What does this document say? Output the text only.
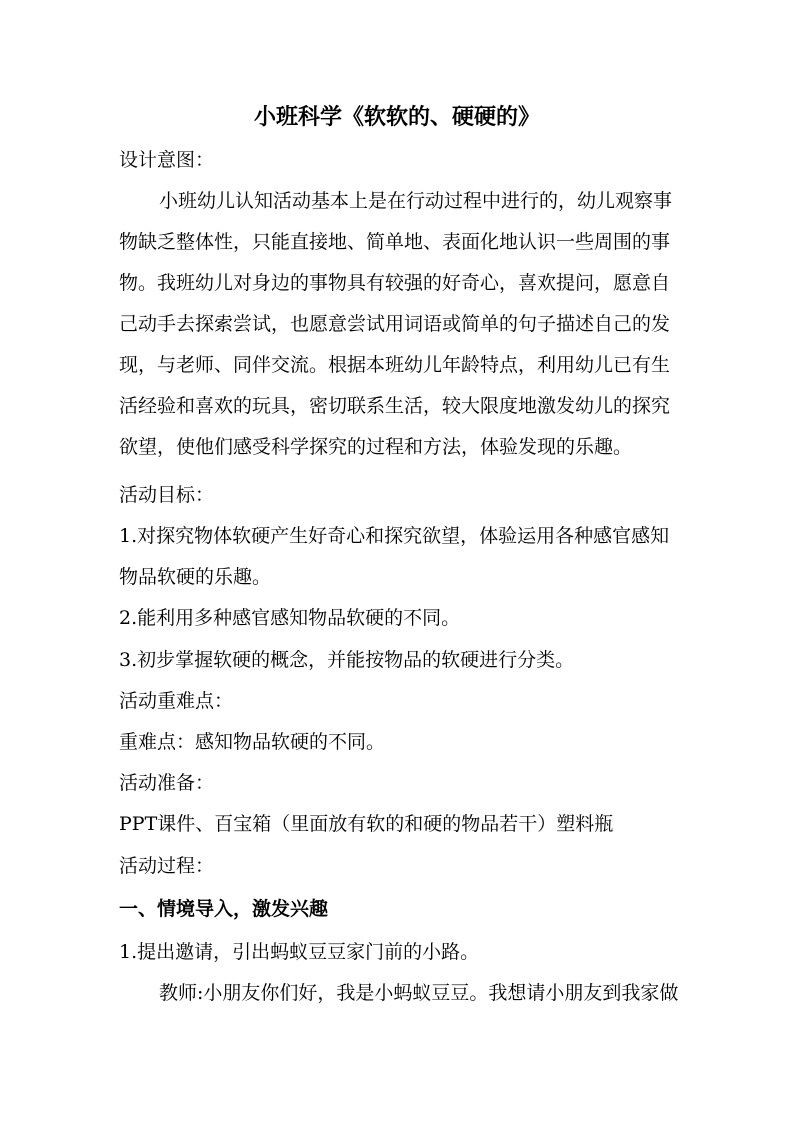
小班科学《软软的、硬硬的》
设计意图：
小班幼儿认知活动基本上是在行动过程中进行的，幼儿观察事
物缺乏整体性，只能直接地、简单地、表面化地认识一些周围的事
物。我班幼儿对身边的事物具有较强的好奇心，喜欢提问，愿意自
己动手去探索尝试，也愿意尝试用词语或简单的句子描述自己的发
现，与老师、同伴交流。根据本班幼儿年龄特点，利用幼儿已有生
活经验和喜欢的玩具，密切联系生活，较大限度地激发幼儿的探究
欲望，使他们感受科学探究的过程和方法，体验发现的乐趣。
活动目标：
1.对探究物体软硬产生好奇心和探究欲望，体验运用各种感官感知
物品软硬的乐趣。
2.能利用多种感官感知物品软硬的不同。
3.初步掌握软硬的概念，并能按物品的软硬进行分类。
活动重难点：
重难点：感知物品软硬的不同。
活动准备：
PPT课件、百宝箱（里面放有软的和硬的物品若干）塑料瓶
活动过程：
一、情境导入，激发兴趣
1.提出邀请，引出蚂蚁豆豆家门前的小路。
教师:小朋友你们好，我是小蚂蚁豆豆。我想请小朋友到我家做
